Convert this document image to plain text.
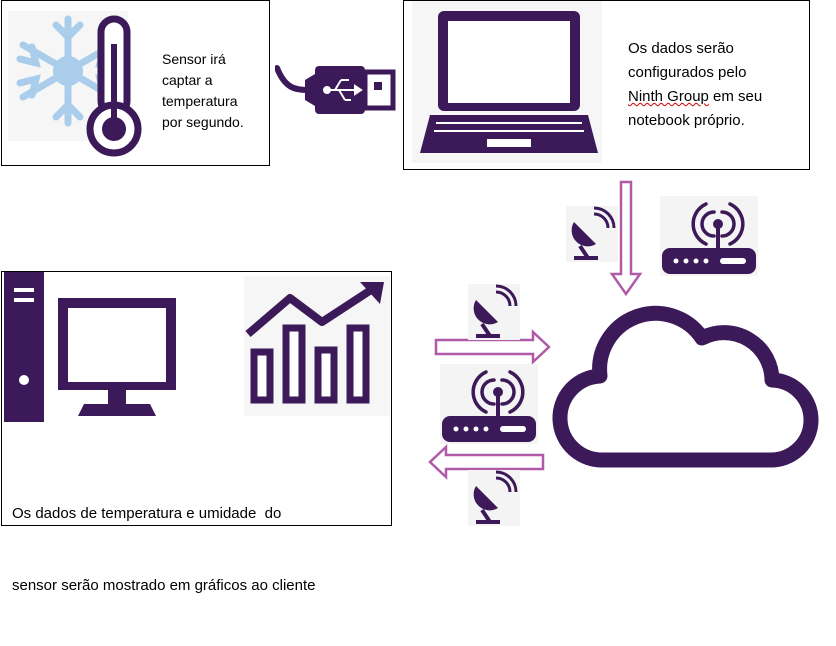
Sensor irá
captar a
temperatura
por segundo.
Os dados serão
configurados pelo
Ninth Group em seu
notebook próprio.

Os dados de temperatura e umidade  do

sensor serão mostrado em gráficos ao cliente
